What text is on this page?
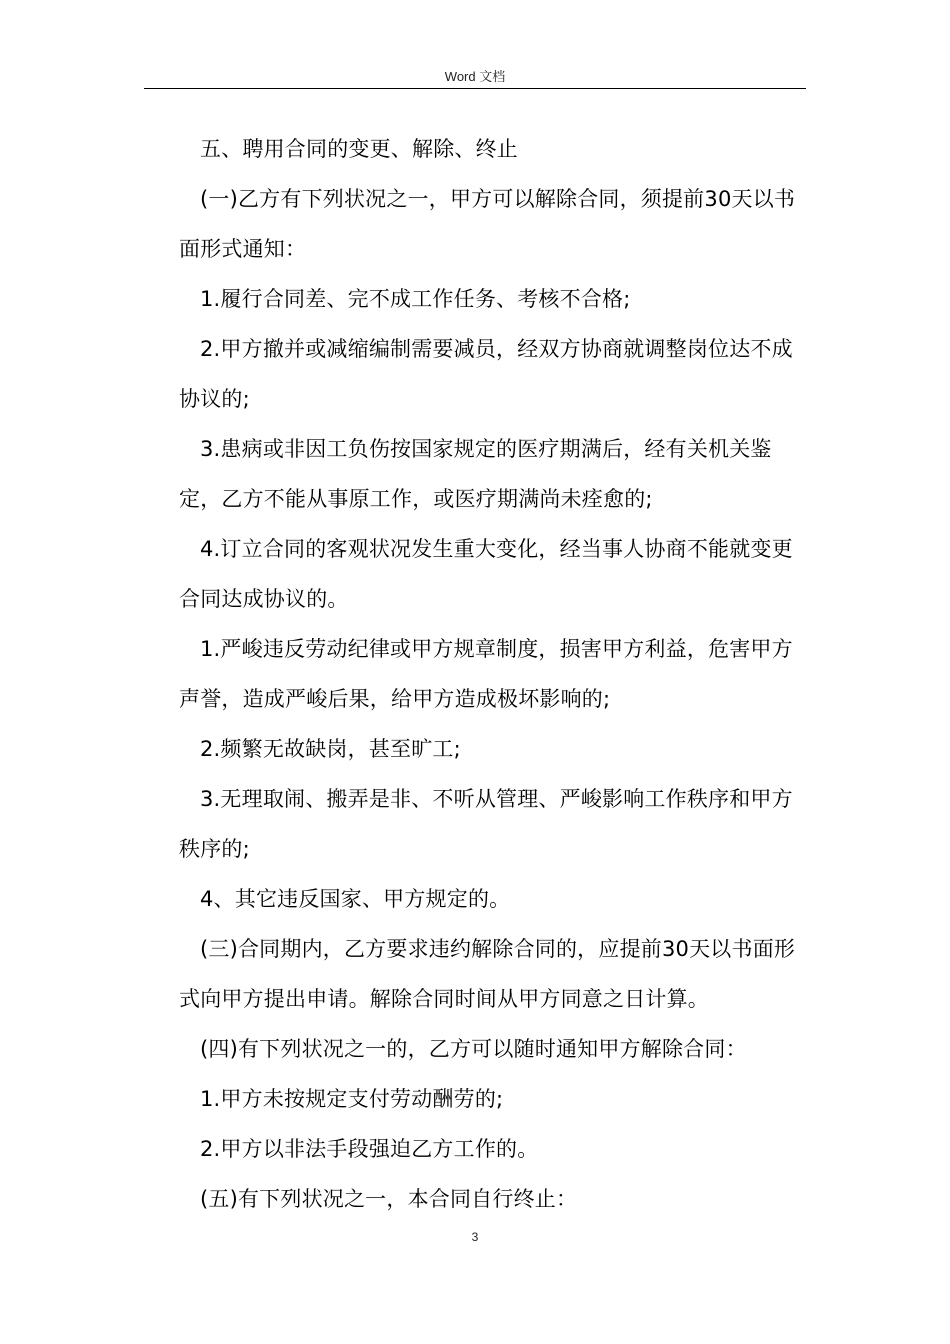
Word 文档

五、聘用合同的变更、解除、终止

(一)乙方有下列状况之一，甲方可以解除合同，须提前30天以书面形式通知：

1.履行合同差、完不成工作任务、考核不合格;

2.甲方撤并或减缩编制需要减员，经双方协商就调整岗位达不成协议的;

3.患病或非因工负伤按国家规定的医疗期满后，经有关机关鉴定，乙方不能从事原工作，或医疗期满尚未痊愈的;

4.订立合同的客观状况发生重大变化，经当事人协商不能就变更合同达成协议的。

1.严峻违反劳动纪律或甲方规章制度，损害甲方利益，危害甲方声誉，造成严峻后果，给甲方造成极坏影响的;

2.频繁无故缺岗，甚至旷工;

3.无理取闹、搬弄是非、不听从管理、严峻影响工作秩序和甲方秩序的;

4、其它违反国家、甲方规定的。

(三)合同期内，乙方要求违约解除合同的，应提前30天以书面形式向甲方提出申请。解除合同时间从甲方同意之日计算。

(四)有下列状况之一的，乙方可以随时通知甲方解除合同：

1.甲方未按规定支付劳动酬劳的;

2.甲方以非法手段强迫乙方工作的。

(五)有下列状况之一，本合同自行终止：

3
